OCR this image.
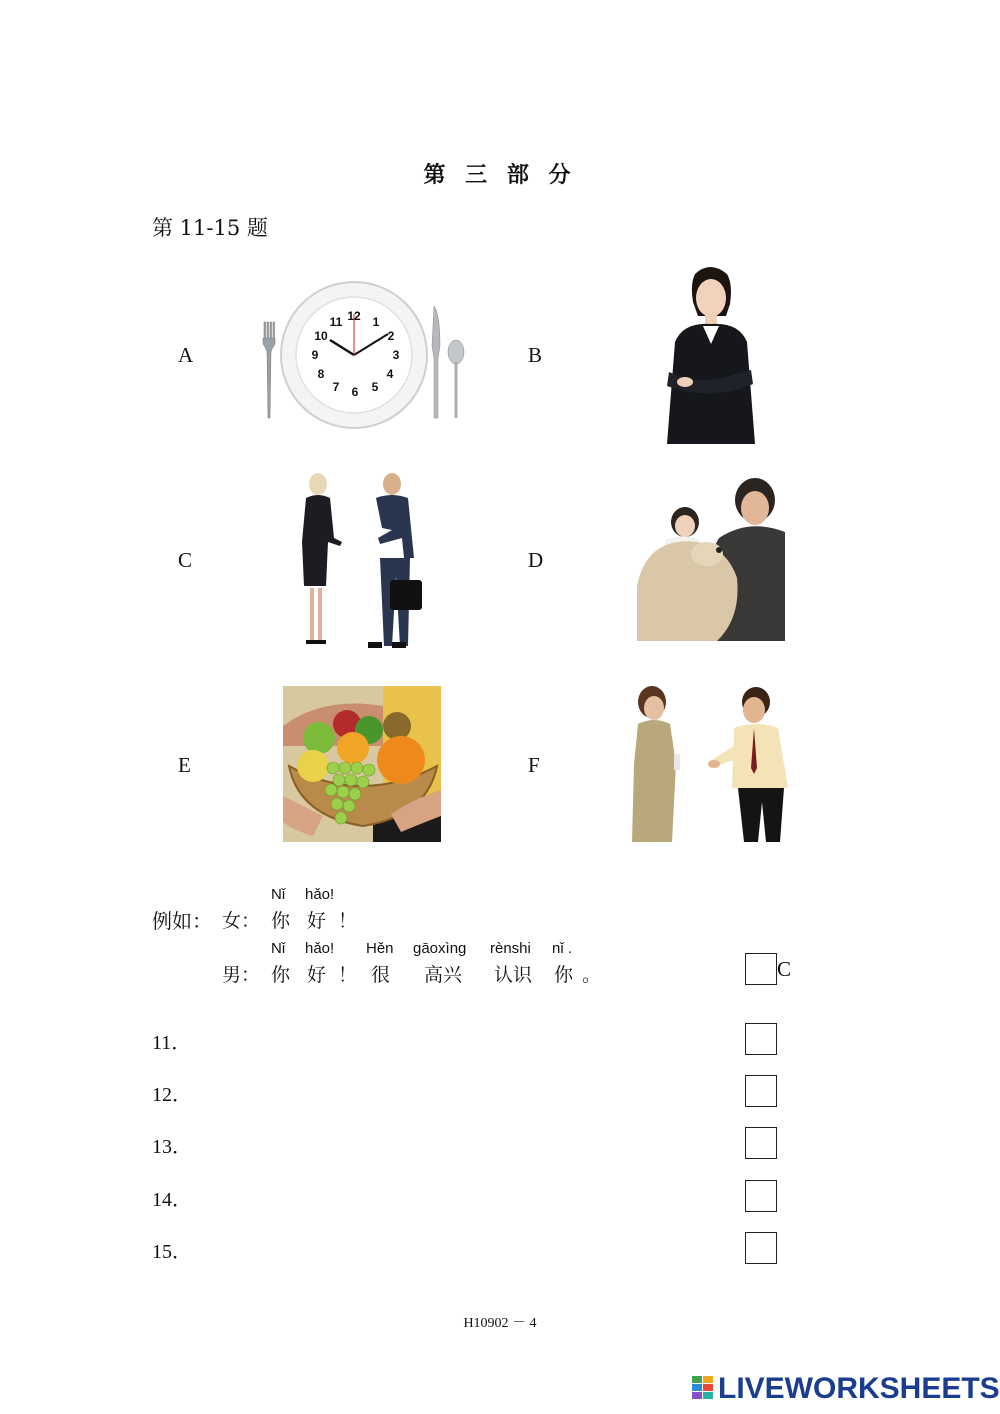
第 三 部 分
第 11-15 题
A	B
C	D
E	F
12 1
2
3
4
5
6
7
8
9
10
11
例如：
Nǐ hǎo!
女： 你 好 ！
Nǐ hǎo! Hěn gāoxìng rènshi nǐ .
男： 你 好 ！ 很 高兴 认识 你 。	C
11．
12．
13．
14．
15．
H10902 － 4
LIVEWORKSHEETS
